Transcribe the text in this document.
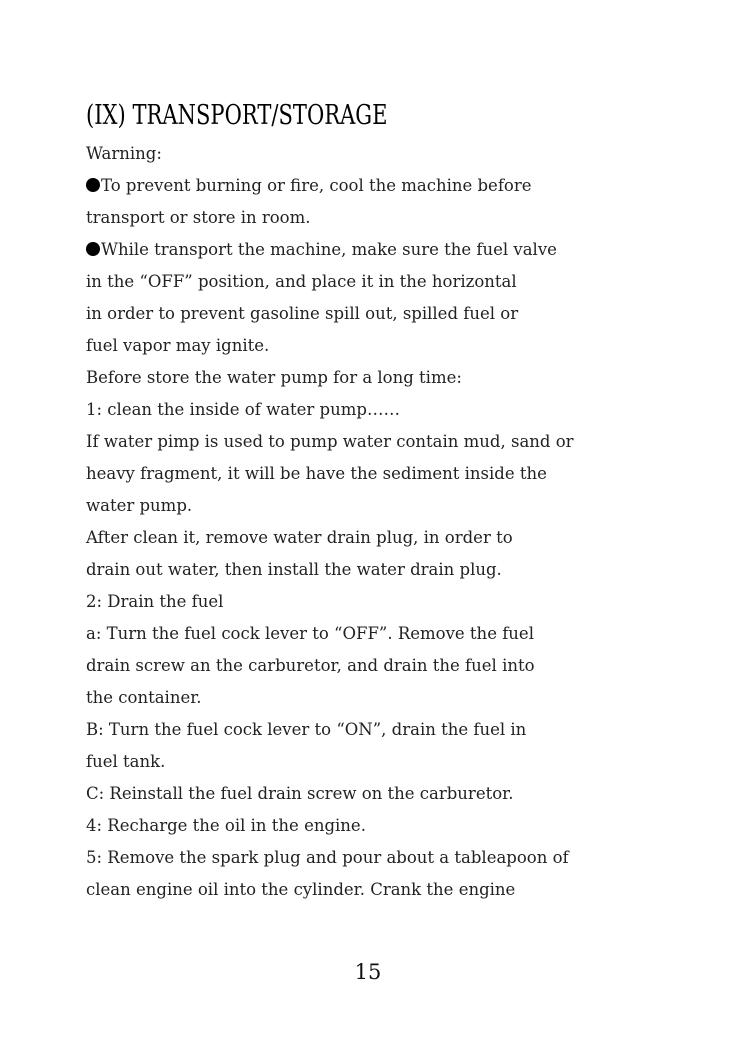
(IX) TRANSPORT/STORAGE
Warning:
To prevent burning or fire, cool the machine before
transport or store in room.
While transport the machine, make sure the fuel valve
in the “OFF” position, and place it in the horizontal
in order to prevent gasoline spill out, spilled fuel or
fuel vapor may ignite.
Before store the water pump for a long time:
1: clean the inside of water pump……
If water pimp is used to pump water contain mud, sand or
heavy fragment, it will be have the sediment inside the
water pump.
After clean it, remove water drain plug, in order to
drain out water, then install the water drain plug.
2: Drain the fuel
a: Turn the fuel cock lever to “OFF”. Remove the fuel
drain screw an the carburetor, and drain the fuel into
the container.
B: Turn the fuel cock lever to “ON”, drain the fuel in
fuel tank.
C: Reinstall the fuel drain screw on the carburetor.
4: Recharge the oil in the engine.
5: Remove the spark plug and pour about a tableapoon of
clean engine oil into the cylinder. Crank the engine
15
